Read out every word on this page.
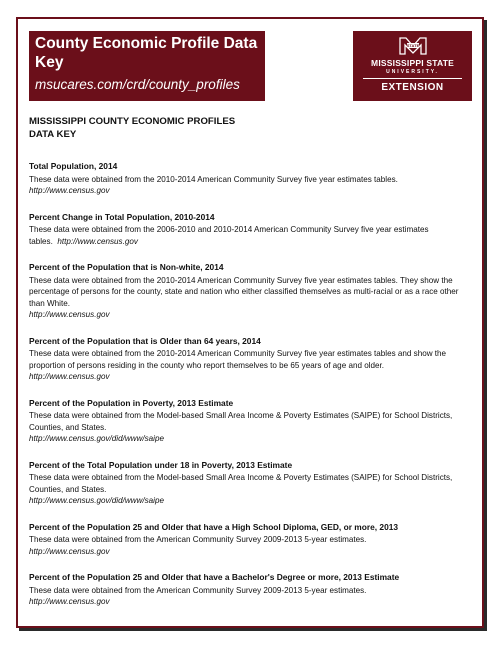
County Economic Profile Data Key
msucares.com/crd/county_profiles
STATE
MISSISSIPPI STATE
UNIVERSITY.
EXTENSION
MISSISSIPPI COUNTY ECONOMIC PROFILES
DATA KEY
Total Population, 2014

These data were obtained from the 2010-2014 American Community Survey five year estimates tables.

http://www.census.gov

Percent Change in Total Population, 2010-2014

These data were obtained from the 2006-2010 and 2010-2014 American Community Survey five year estimates tables. http://www.census.gov

Percent of the Population that is Non-white, 2014

These data were obtained from the 2010-2014 American Community Survey five year estimates tables. They show the percentage of persons for the county, state and nation who either classified themselves as multi-racial or as a race other than White.

http://www.census.gov

Percent of the Population that is Older than 64 years, 2014

These data were obtained from the 2010-2014 American Community Survey five year estimates tables and show the proportion of persons residing in the county who report themselves to be 65 years of age and older.

http://www.census.gov

Percent of the Population in Poverty, 2013 Estimate

These data were obtained from the Model-based Small Area Income & Poverty Estimates (SAIPE) for School Districts, Counties, and States.

http://www.census.gov/did/www/saipe

Percent of the Total Population under 18 in Poverty, 2013 Estimate

These data were obtained from the Model-based Small Area Income & Poverty Estimates (SAIPE) for School Districts, Counties, and States.

http://www.census.gov/did/www/saipe

Percent of the Population 25 and Older that have a High School Diploma, GED, or more, 2013

These data were obtained from the American Community Survey 2009-2013 5-year estimates.

http://www.census.gov

Percent of the Population 25 and Older that have a Bachelor's Degree or more, 2013 Estimate

These data were obtained from the American Community Survey 2009-2013 5-year estimates.

http://www.census.gov
